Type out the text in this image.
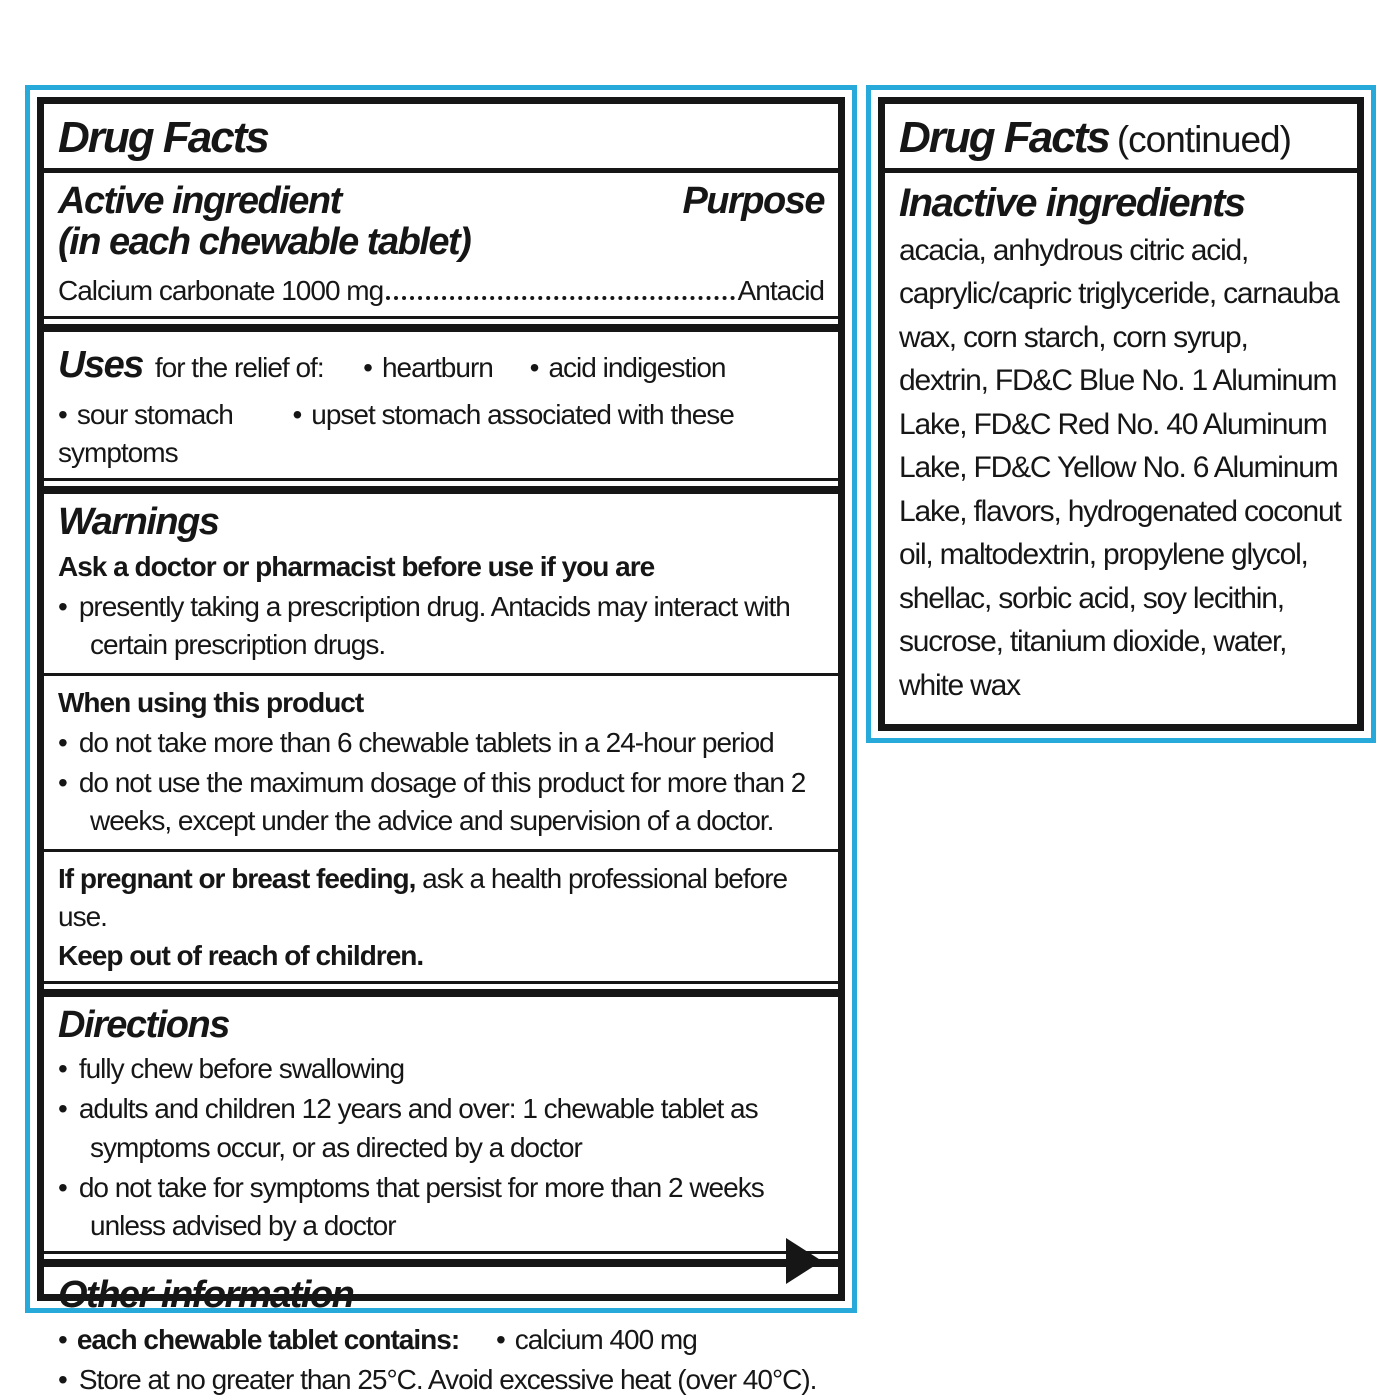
Drug Facts
Active ingredient	Purpose
(in each chewable tablet)
Calcium carbonate 1000 mg	Antacid
Uses for the relief of: • heartburn • acid indigestion
• sour stomach • upset stomach associated with these symptoms
Warnings
Ask a doctor or pharmacist before use if you are
• presently taking a prescription drug. Antacids may interact with certain prescription drugs.
When using this product
• do not take more than 6 chewable tablets in a 24-hour period
• do not use the maximum dosage of this product for more than 2 weeks, except under the advice and supervision of a doctor.
If pregnant or breast feeding, ask a health professional before use.
Keep out of reach of children.
Directions
• fully chew before swallowing
• adults and children 12 years and over: 1 chewable tablet as symptoms occur, or as directed by a doctor
• do not take for symptoms that persist for more than 2 weeks unless advised by a doctor
Other information
• each chewable tablet contains: • calcium 400 mg
• Store at no greater than 25°C. Avoid excessive heat (over 40°C).
Drug Facts (continued)
Inactive ingredients
acacia, anhydrous citric acid, caprylic/capric triglyceride, carnauba wax, corn starch, corn syrup, dextrin, FD&C Blue No. 1 Aluminum Lake, FD&C Red No. 40 Aluminum Lake, FD&C Yellow No. 6 Aluminum Lake, flavors, hydrogenated coconut oil, maltodextrin, propylene glycol, shellac, sorbic acid, soy lecithin, sucrose, titanium dioxide, water, white wax
